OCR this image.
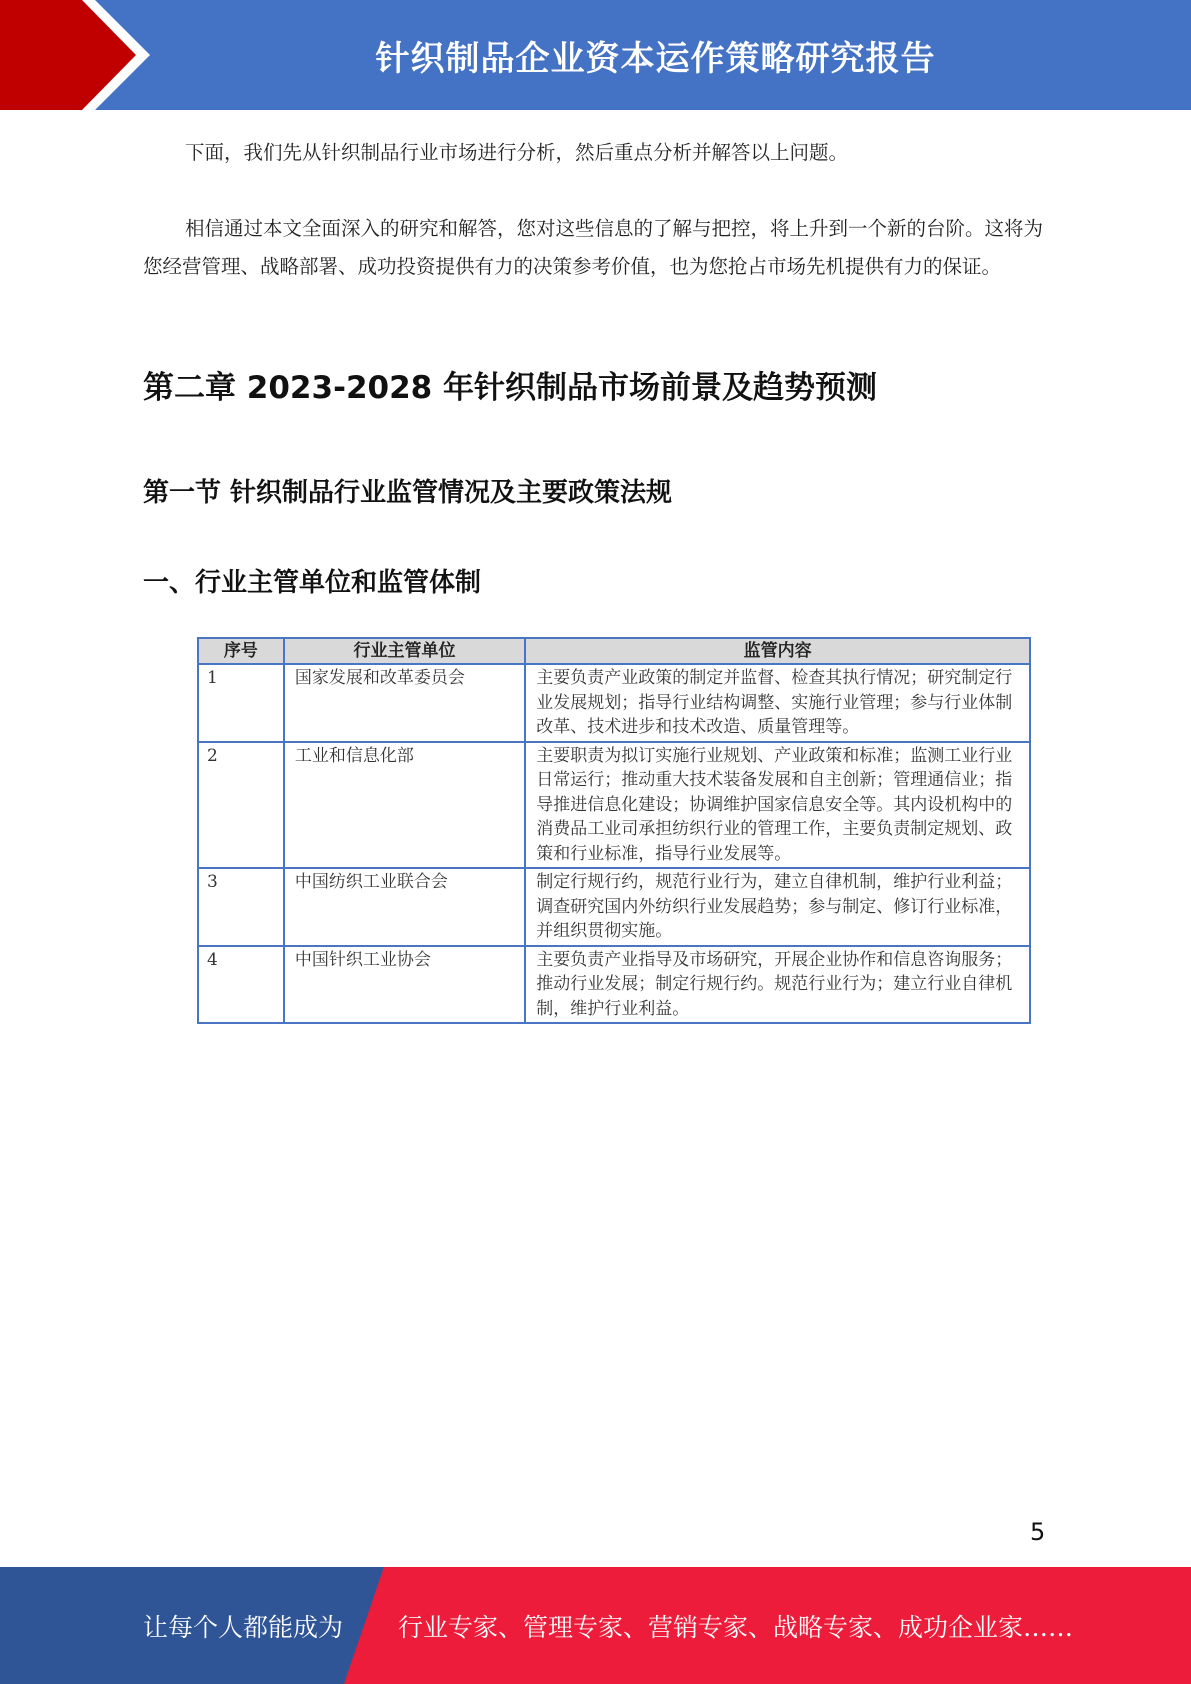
针织制品企业资本运作策略研究报告

下面，我们先从针织制品行业市场进行分析，然后重点分析并解答以上问题。

相信通过本文全面深入的研究和解答，您对这些信息的了解与把控，将上升到一个新的台阶。这将为您经营管理、战略部署、成功投资提供有力的决策参考价值，也为您抢占市场先机提供有力的保证。

第二章 2023-2028 年针织制品市场前景及趋势预测
第一节 针织制品行业监管情况及主要政策法规
一、行业主管单位和监管体制
序号	行业主管单位	监管内容
1	国家发展和改革委员会	主要负责产业政策的制定并监督、检查其执行情况；研究制定行业发展规划；指导行业结构调整、实施行业管理；参与行业体制改革、技术进步和技术改造、质量管理等。
2	工业和信息化部	主要职责为拟订实施行业规划、产业政策和标准；监测工业行业日常运行；推动重大技术装备发展和自主创新；管理通信业；指导推进信息化建设；协调维护国家信息安全等。其内设机构中的消费品工业司承担纺织行业的管理工作，主要负责制定规划、政策和行业标准，指导行业发展等。
3	中国纺织工业联合会	制定行规行约，规范行业行为，建立自律机制，维护行业利益；调查研究国内外纺织行业发展趋势；参与制定、修订行业标准，并组织贯彻实施。
4	中国针织工业协会	主要负责产业指导及市场研究，开展企业协作和信息咨询服务；推动行业发展；制定行规行约。规范行业行为；建立行业自律机制，维护行业利益。
5
让每个人都能成为 行业专家、管理专家、营销专家、战略专家、成功企业家……
